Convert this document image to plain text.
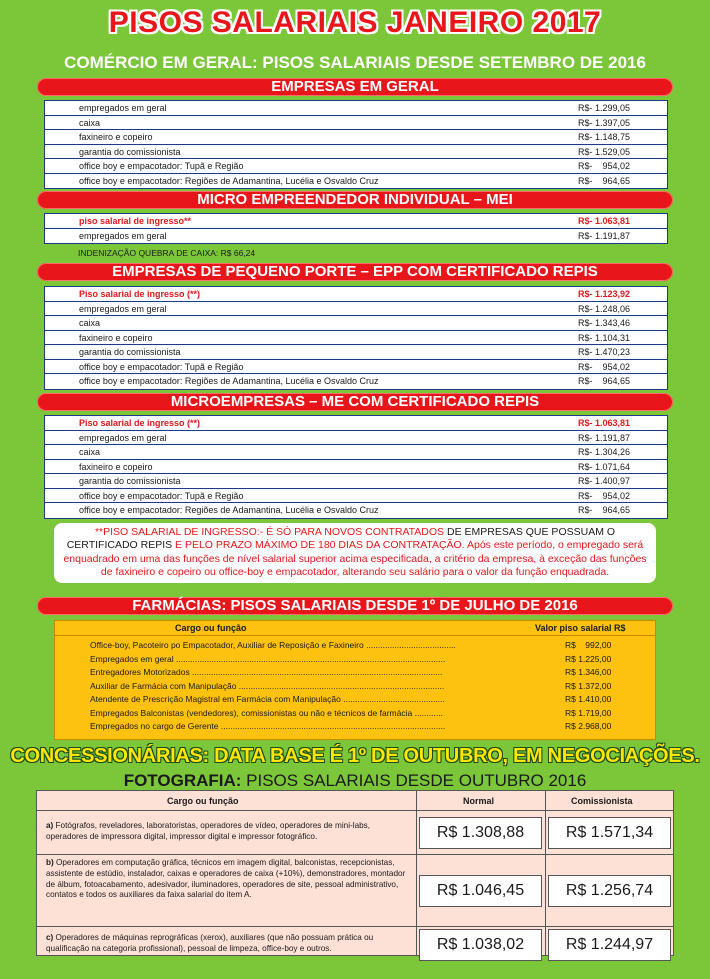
PISOS SALARIAIS JANEIRO 2017
COMÉRCIO EM GERAL: PISOS SALARIAIS DESDE SETEMBRO DE 2016
EMPRESAS EM GERAL
empregados em geral	R$- 1.299,05
caixa	R$- 1.397,05
faxineiro e copeiro	R$- 1.148,75
garantia do comissionista	R$- 1.529,05
office boy e empacotador: Tupã e Região	R$-    954,02
office boy e empacotador: Regiões de Adamantina, Lucélia e Osvaldo Cruz	R$-    964,65
MICRO EMPREENDEDOR INDIVIDUAL – MEI
piso salarial de ingresso**	R$- 1.063,81
empregados em geral	R$- 1.191,87
INDENIZAÇÃO QUEBRA DE CAIXA: R$ 66,24
EMPRESAS DE PEQUENO PORTE – EPP COM CERTIFICADO REPIS
Piso salarial de ingresso (**)	R$- 1.123,92
empregados em geral	R$- 1.248,06
caixa	R$- 1.343,46
faxineiro e copeiro	R$- 1.104,31
garantia do comissionista	R$- 1.470,23
office boy e empacotador: Tupã e Região	R$-    954,02
office boy e empacotador: Regiões de Adamantina, Lucélia e Osvaldo Cruz	R$-    964,65
MICROEMPRESAS – ME COM CERTIFICADO REPIS
Piso salarial de ingresso (**)	R$- 1.063,81
empregados em geral	R$- 1.191,87
caixa	R$- 1.304,26
faxineiro e copeiro	R$- 1.071,64
garantia do comissionista	R$- 1.400,97
office boy e empacotador: Tupã e Região	R$-    954,02
office boy e empacotador: Regiões de Adamantina, Lucélia e Osvaldo Cruz	R$-    964,65
**PISO SALARIAL DE INGRESSO:- É SÓ PARA NOVOS CONTRATADOS DE EMPRESAS QUE POSSUAM O CERTIFICADO REPIS E PELO PRAZO MÁXIMO DE 180 DIAS DA CONTRATAÇÃO. Após este período, o empregado será enquadrado em uma das funções de nível salarial superior acima especificada, a critério da empresa, à exceção das funções de faxineiro e copeiro ou office-boy e empacotador, alterando seu salário para o valor da função enquadrada.
FARMÁCIAS: PISOS SALARIAIS DESDE 1º DE JULHO DE 2016
Cargo ou função	Valor piso salarial R$
Office-boy, Pacoteiro po Empacotador, Auxiliar de Reposição e Faxineiro ......................................	R$    992,00
Empregados em geral ..................................................................................................................	R$ 1.225,00
Entregadores Motorizados ..........................................................................................................	R$ 1.346,00
Auxiliar de Farmácia com Manipulação .......................................................................................	R$ 1.372,00
Atendente de Prescrição Magistral em Farmácia com Manipulação ...........................................	R$ 1.410,00
Empregados Balconistas (vendedores), comissionistas ou não e técnicos de farmácia ............	R$ 1.719,00
Empregados no cargo de Gerente ...............................................................................................	R$ 2.968,00
CONCESSIONÁRIAS: DATA BASE É 1º DE OUTUBRO, EM NEGOCIAÇÕES.
FOTOGRAFIA: PISOS SALARIAIS DESDE OUTUBRO 2016
Cargo ou função	Normal	Comissionista
a) Fotógrafos, reveladores, laboratoristas, operadores de vídeo, operadores de mini-labs, operadores de impressora digital, impressor digital e impressor fotográfico.	R$ 1.308,88	R$ 1.571,34
b) Operadores em computação gráfica, técnicos em imagem digital, balconistas, recepcionistas, assistente de estúdio, instalador, caixas e operadores de caixa (+10%), demonstradores, montador de álbum, fotoacabamento, adesivador, iluminadores, operadores de site, pessoal administrativo, contatos e todos os auxiliares da faixa salarial do item A.	R$ 1.046,45	R$ 1.256,74
c) Operadores de máquinas reprográficas (xerox), auxiliares (que não possuam prática ou qualificação na categoria profissional), pessoal de limpeza, office-boy e outros.	R$ 1.038,02	R$ 1.244,97
